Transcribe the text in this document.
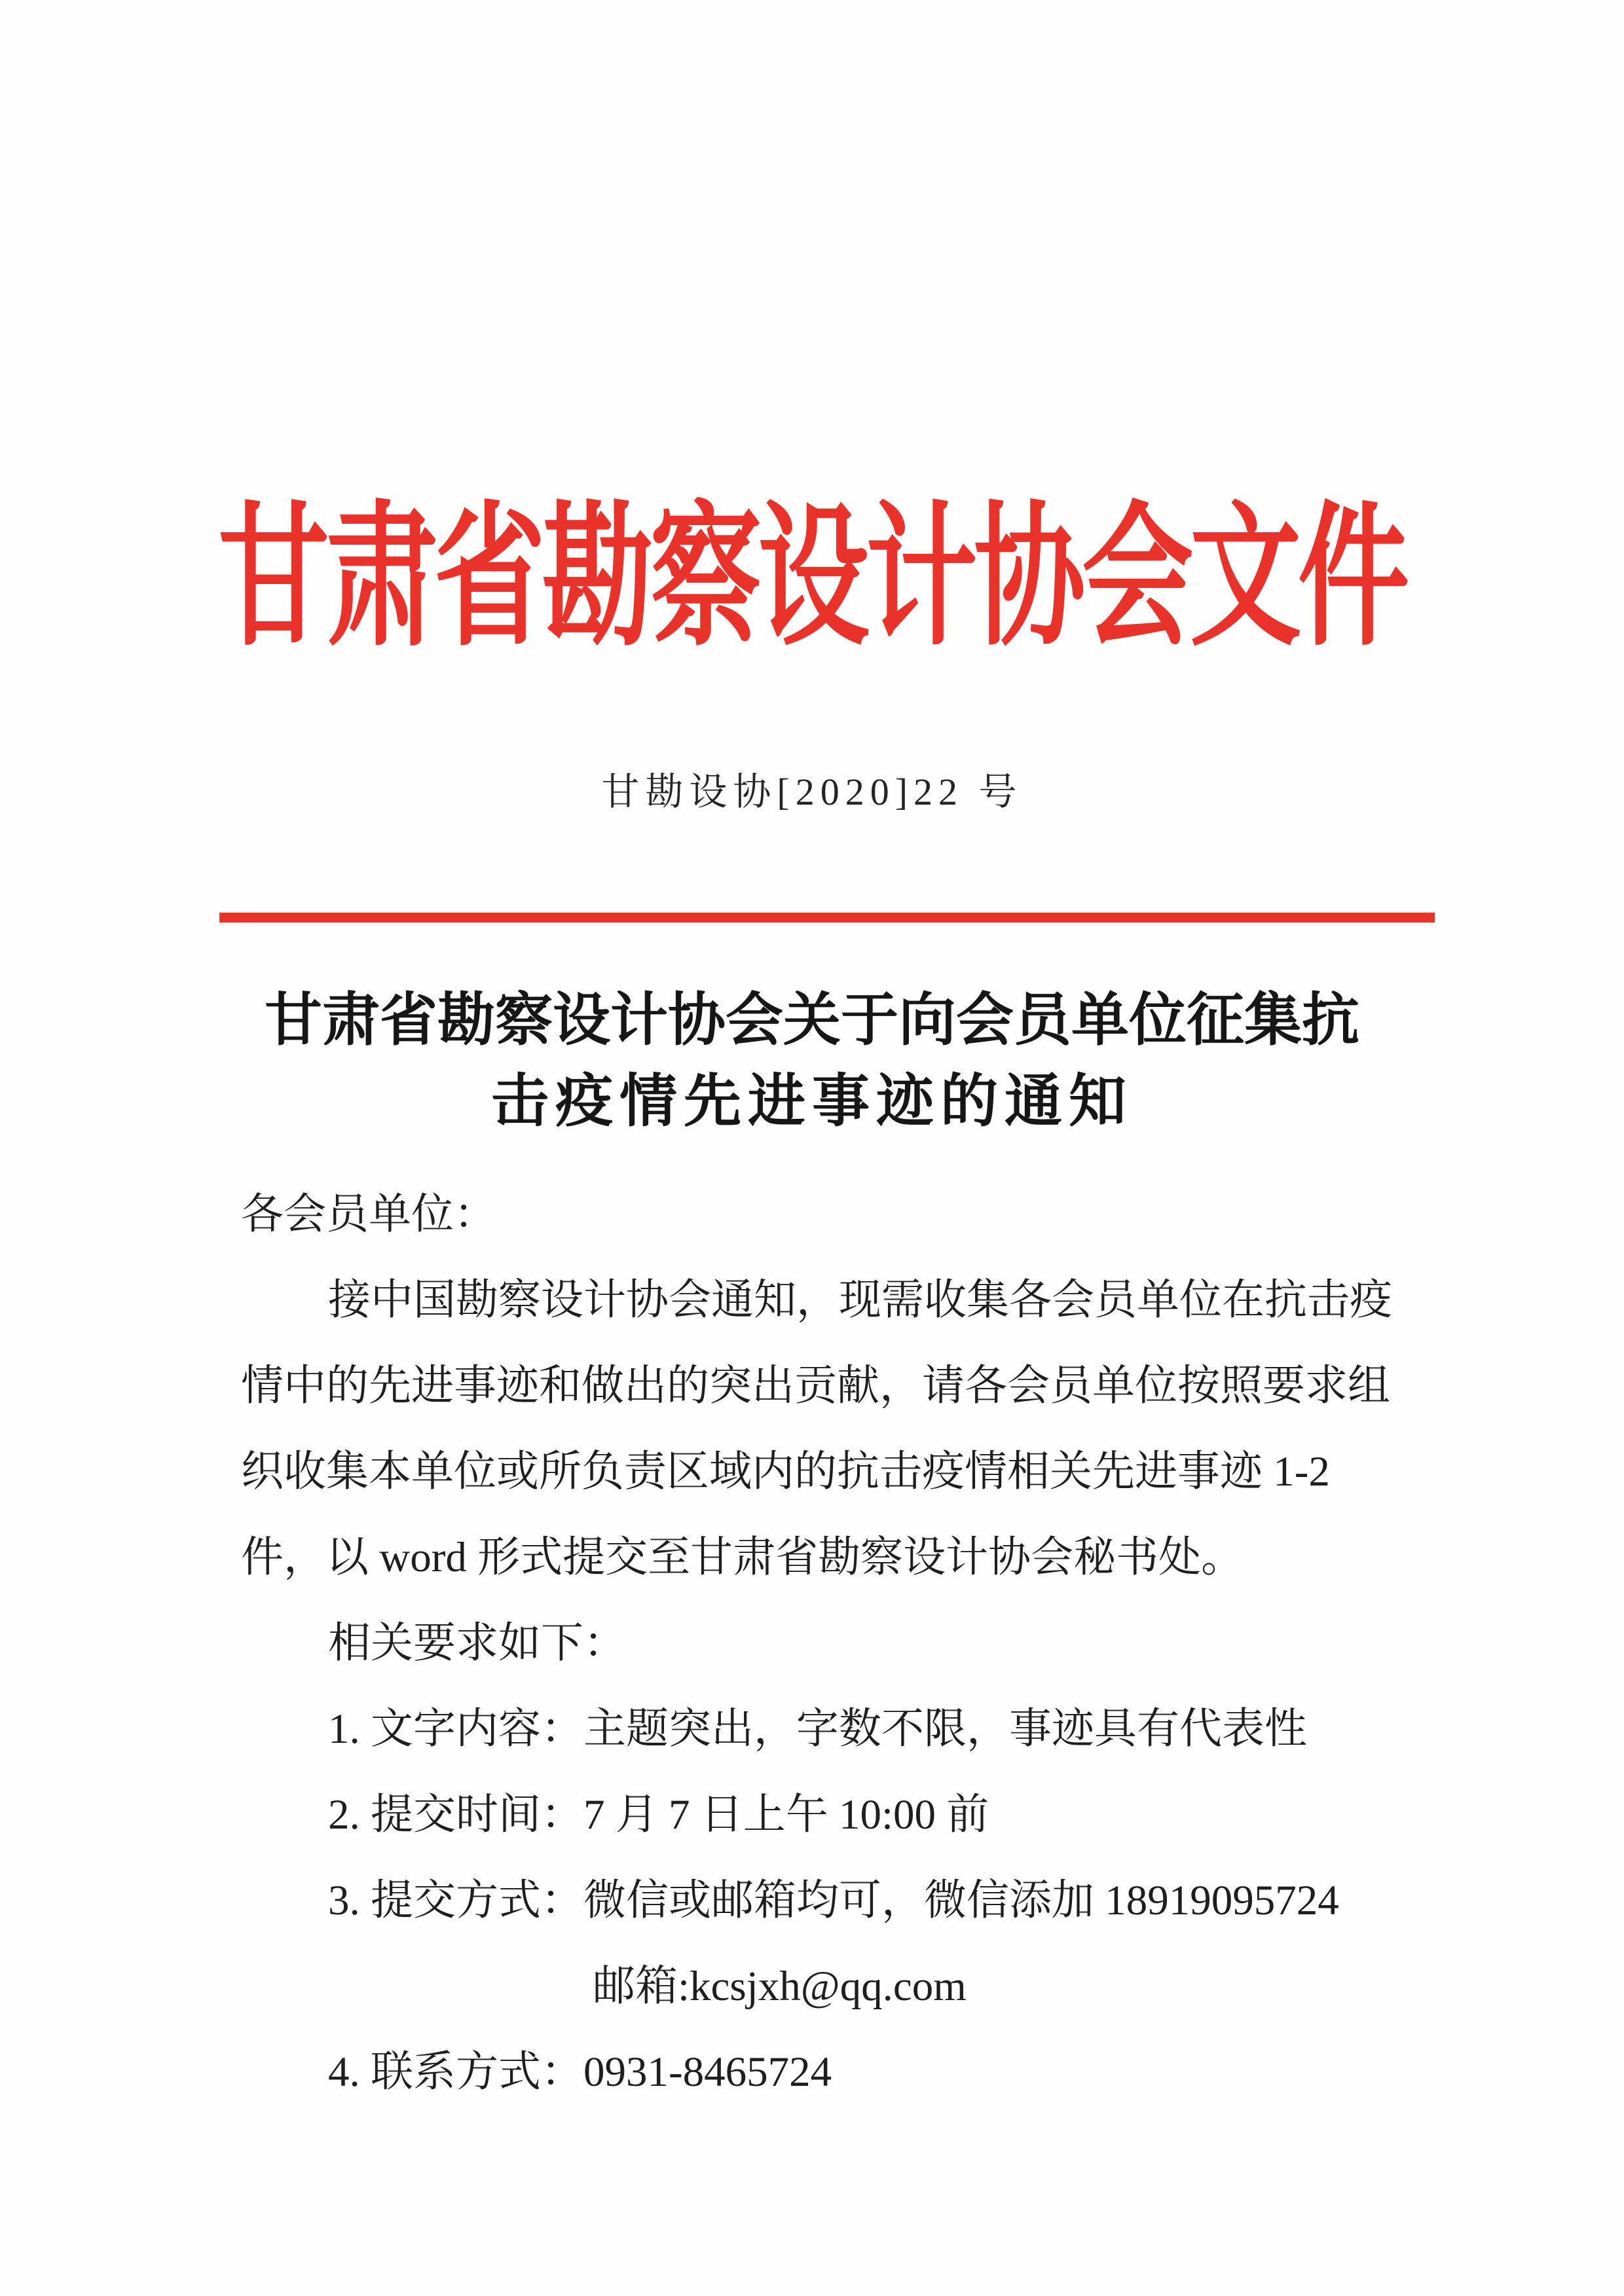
甘肃省勘察设计协会文件
甘勘设协[2020]22 号
甘肃省勘察设计协会关于向会员单位征集抗
击疫情先进事迹的通知
各会员单位：
接中国勘察设计协会通知，现需收集各会员单位在抗击疫
情中的先进事迹和做出的突出贡献，请各会员单位按照要求组
织收集本单位或所负责区域内的抗击疫情相关先进事迹 1-2
件，以 word 形式提交至甘肃省勘察设计协会秘书处。
相关要求如下：
1. 文字内容：主题突出，字数不限，事迹具有代表性
2. 提交时间：7 月 7 日上午 10:00 前
3. 提交方式：微信或邮箱均可，微信添加 18919095724
邮箱:kcsjxh@qq.com
4. 联系方式：0931-8465724
